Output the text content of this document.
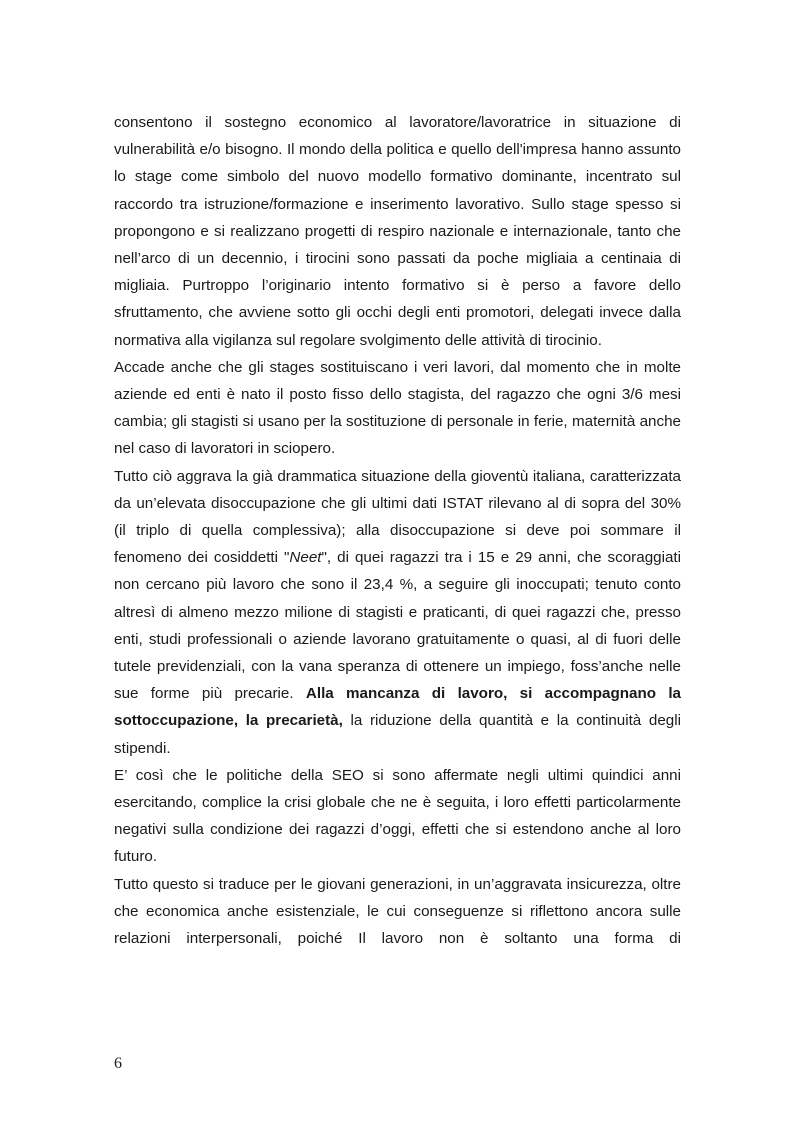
consentono il sostegno economico al lavoratore/lavoratrice in situazione di vulnerabilità e/o bisogno. Il mondo della politica e quello dell'impresa hanno assunto lo stage come simbolo del nuovo modello formativo dominante, incentrato sul raccordo tra istruzione/formazione e inserimento lavorativo. Sullo stage spesso si propongono e si realizzano progetti di respiro nazionale e internazionale, tanto che nell’arco di un decennio, i tirocini sono passati da poche migliaia a centinaia di migliaia. Purtroppo l’originario intento formativo si è perso a favore dello sfruttamento, che avviene sotto gli occhi degli enti promotori, delegati invece dalla normativa alla vigilanza sul regolare svolgimento delle attività di tirocinio.

Accade anche che gli stages sostituiscano i veri lavori, dal momento che in molte aziende ed enti è nato il posto fisso dello stagista, del ragazzo che ogni 3/6 mesi cambia; gli stagisti si usano per la sostituzione di personale in ferie, maternità anche nel caso di lavoratori in sciopero.

Tutto ciò aggrava la già drammatica situazione della gioventù italiana, caratterizzata da un’elevata disoccupazione che gli ultimi dati ISTAT rilevano al di sopra del 30% (il triplo di quella complessiva); alla disoccupazione si deve poi sommare il fenomeno dei cosiddetti "Neet", di quei ragazzi tra i 15 e 29 anni, che scoraggiati non cercano più lavoro che sono il 23,4 %, a seguire gli inoccupati; tenuto conto altresì di almeno mezzo milione di stagisti e praticanti, di quei ragazzi che, presso enti, studi professionali o aziende lavorano gratuitamente o quasi, al di fuori delle tutele previdenziali, con la vana speranza di ottenere un impiego, foss’anche nelle sue forme più precarie. Alla mancanza di lavoro, si accompagnano la sottoccupazione, la precarietà, la riduzione della quantità e la continuità degli stipendi.

E’ così che le politiche della SEO si sono affermate negli ultimi quindici anni esercitando, complice la crisi globale che ne è seguita, i loro effetti particolarmente negativi sulla condizione dei ragazzi d’oggi, effetti che si estendono anche al loro futuro.

Tutto questo si traduce per le giovani generazioni, in un’aggravata insicurezza, oltre che economica anche esistenziale, le cui conseguenze si riflettono ancora sulle relazioni interpersonali, poiché Il lavoro non è soltanto una forma di

6
